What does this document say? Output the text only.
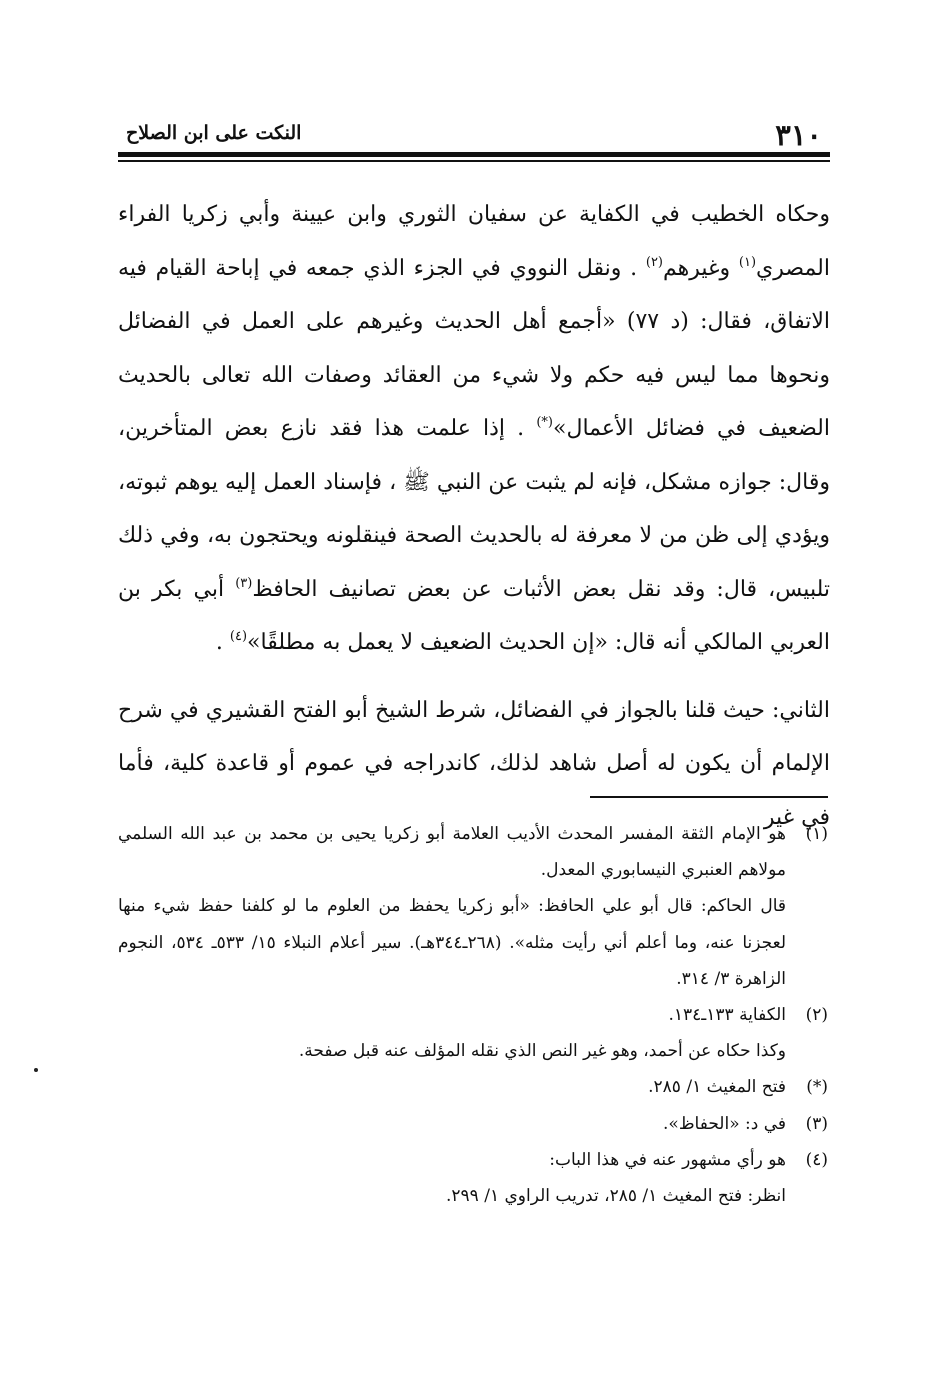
٣١٠
النكت على ابن الصلاح

وحكاه الخطيب في الكفاية عن سفيان الثوري وابن عيينة وأبي زكريا الفراء المصري$^{(١)}$ وغيرهم$^{(٢)}$ . ونقل النووي في الجزء الذي جمعه في إباحة القيام فيه الاتفاق، فقال: (د ٧٧) «أجمع أهل الحديث وغيرهم على العمل في الفضائل ونحوها مما ليس فيه حكم ولا شيء من العقائد وصفات الله تعالى بالحديث الضعيف في فضائل الأعمال»(*) . إذا علمت هذا فقد نازع بعض المتأخرين، وقال: جوازه مشكل، فإنه لم يثبت عن النبي ﷺ ، فإسناد العمل إليه يوهم ثبوته، ويؤدي إلى ظن من لا معرفة له بالحديث الصحة فينقلونه ويحتجون به، وفي ذلك تلبيس، قال: وقد نقل بعض الأثبات عن بعض تصانيف الحافظ$^{(٣)}$ أبي بكر بن العربي المالكي أنه قال: «إن الحديث الضعيف لا يعمل به مطلقًا»$^{(٤)}$ .

الثاني: حيث قلنا بالجواز في الفضائل، شرط الشيخ أبو الفتح القشيري في شرح الإلمام أن يكون له أصل شاهد لذلك، كاندراجه في عموم أو قاعدة كلية، فأما في غير

(١)
هو الإمام الثقة المفسر المحدث الأديب العلامة أبو زكريا يحيى بن محمد بن عبد الله السلمي مولاهم العنبري النيسابوري المعدل.
قال الحاكم: قال أبو علي الحافظ: «أبو زكريا يحفظ من العلوم ما لو كلفنا حفظ شيء منها لعجزنا عنه، وما أعلم أني رأيت مثله». (٢٦٨ـ٣٤٤هـ). سير أعلام النبلاء ١٥/ ٥٣٣ـ ٥٣٤، النجوم الزاهرة ٣/ ٣١٤.
(٢)
الكفاية ١٣٣ـ١٣٤.
وكذا حكاه عن أحمد، وهو غير النص الذي نقله المؤلف عنه قبل صفحة.
(*)
فتح المغيث ١/ ٢٨٥.
(٣)
في د: «الحفاظ».
(٤)
هو رأي مشهور عنه في هذا الباب:
انظر: فتح المغيث ١/ ٢٨٥، تدريب الراوي ١/ ٢٩٩.
